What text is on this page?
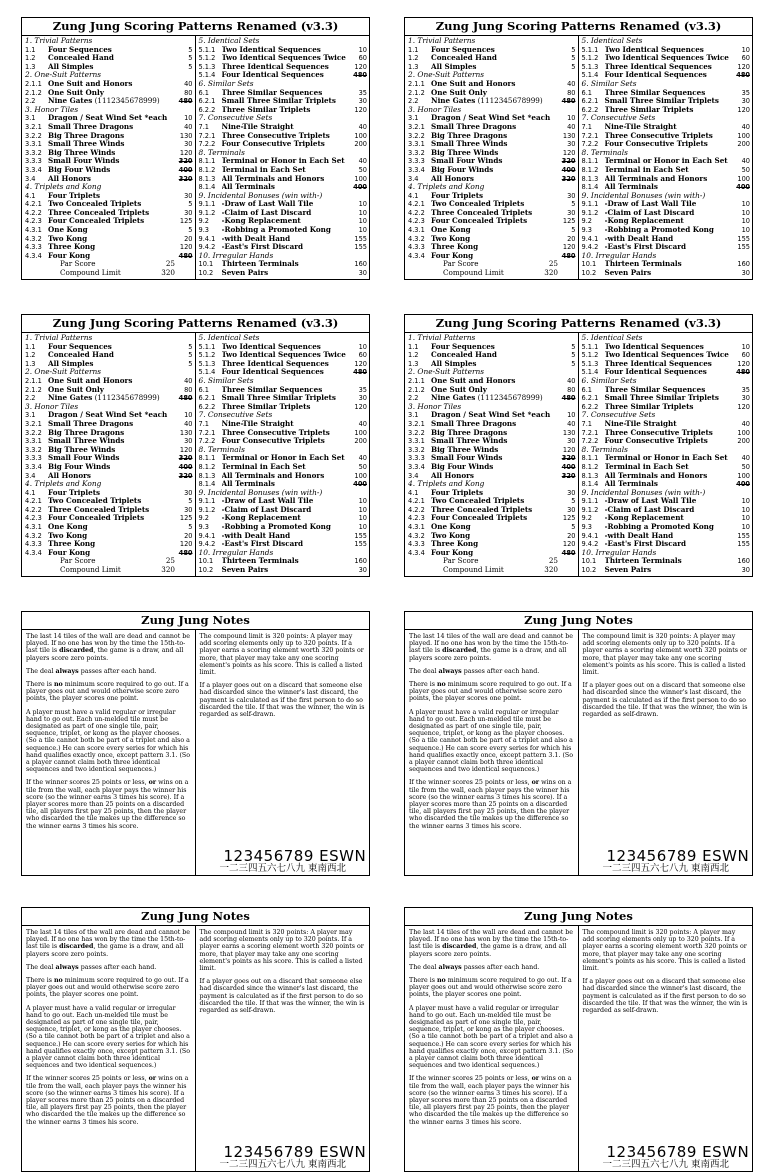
Zung Jung Scoring Patterns Renamed (v3.3)
1. Trivial Patterns
1.1	Four Sequences	5
1.2	Concealed Hand	5
1.3	All Simples	5
2. One-Suit Patterns
2.1.1 One Suit and Honors	40
2.1.2 One Suit Only	80
2.2	Nine Gates (1112345678999)	480
3. Honor Tiles
3.1	Dragon / Seat Wind Set *each	10
3.2.1 Small Three Dragons	40
3.2.2 Big Three Dragons	130
3.3.1 Small Three Winds	30
3.3.2 Big Three Winds	120
3.3.3 Small Four Winds	320
3.3.4 Big Four Winds	400
3.4	All Honors	320
4. Triplets and Kong
4.1	Four Triplets	30
4.2.1 Two Concealed Triplets	5
4.2.2 Three Concealed Triplets	30
4.2.3 Four Concealed Triplets	125
4.3.1 One Kong	5
4.3.2 Two Kong	20
4.3.3 Three Kong	120
4.3.4 Four Kong	480
Par Score	25
Compound Limit	320
5. Identical Sets
5.1.1 Two Identical Sequences	10
5.1.2 Two Identical Sequences Twice	60
5.1.3 Three Identical Sequences	120
5.1.4 Four Identical Sequences	480
6. Similar Sets
6.1	Three Similar Sequences	35
6.2.1 Small Three Similar Triplets	30
6.2.2 Three Similar Triplets	120
7. Consecutive Sets
7.1	Nine-Tile Straight	40
7.2.1 Three Consecutive Triplets	100
7.2.2 Four Consecutive Triplets	200
8. Terminals
8.1.1 Terminal or Honor in Each Set	40
8.1.2 Terminal in Each Set	50
8.1.3 All Terminals and Honors	100
8.1.4 All Terminals	400
9. Incidental Bonuses (win with-)
9.1.1 -Draw of Last Wall Tile	10
9.1.2 -Claim of Last Discard	10
9.2	-Kong Replacement	10
9.3	-Robbing a Promoted Kong	10
9.4.1 -with Dealt Hand	155
9.4.2 -East's First Discard	155
10. Irregular Hands
10.1	Thirteen Terminals	160
10.2	Seven Pairs	30
Zung Jung Scoring Patterns Renamed (v3.3)
1. Trivial Patterns
1.1	Four Sequences	5
1.2	Concealed Hand	5
1.3	All Simples	5
2. One-Suit Patterns
2.1.1 One Suit and Honors	40
2.1.2 One Suit Only	80
2.2	Nine Gates (1112345678999)	480
3. Honor Tiles
3.1	Dragon / Seat Wind Set *each	10
3.2.1 Small Three Dragons	40
3.2.2 Big Three Dragons	130
3.3.1 Small Three Winds	30
3.3.2 Big Three Winds	120
3.3.3 Small Four Winds	320
3.3.4 Big Four Winds	400
3.4	All Honors	320
4. Triplets and Kong
4.1	Four Triplets	30
4.2.1 Two Concealed Triplets	5
4.2.2 Three Concealed Triplets	30
4.2.3 Four Concealed Triplets	125
4.3.1 One Kong	5
4.3.2 Two Kong	20
4.3.3 Three Kong	120
4.3.4 Four Kong	480
Par Score	25
Compound Limit	320
5. Identical Sets
5.1.1 Two Identical Sequences	10
5.1.2 Two Identical Sequences Twice	60
5.1.3 Three Identical Sequences	120
5.1.4 Four Identical Sequences	480
6. Similar Sets
6.1	Three Similar Sequences	35
6.2.1 Small Three Similar Triplets	30
6.2.2 Three Similar Triplets	120
7. Consecutive Sets
7.1	Nine-Tile Straight	40
7.2.1 Three Consecutive Triplets	100
7.2.2 Four Consecutive Triplets	200
8. Terminals
8.1.1 Terminal or Honor in Each Set	40
8.1.2 Terminal in Each Set	50
8.1.3 All Terminals and Honors	100
8.1.4 All Terminals	400
9. Incidental Bonuses (win with-)
9.1.1 -Draw of Last Wall Tile	10
9.1.2 -Claim of Last Discard	10
9.2	-Kong Replacement	10
9.3	-Robbing a Promoted Kong	10
9.4.1 -with Dealt Hand	155
9.4.2 -East's First Discard	155
10. Irregular Hands
10.1	Thirteen Terminals	160
10.2	Seven Pairs	30
Zung Jung Scoring Patterns Renamed (v3.3)
1. Trivial Patterns
1.1	Four Sequences	5
1.2	Concealed Hand	5
1.3	All Simples	5
2. One-Suit Patterns
2.1.1 One Suit and Honors	40
2.1.2 One Suit Only	80
2.2	Nine Gates (1112345678999)	480
3. Honor Tiles
3.1	Dragon / Seat Wind Set *each	10
3.2.1 Small Three Dragons	40
3.2.2 Big Three Dragons	130
3.3.1 Small Three Winds	30
3.3.2 Big Three Winds	120
3.3.3 Small Four Winds	320
3.3.4 Big Four Winds	400
3.4	All Honors	320
4. Triplets and Kong
4.1	Four Triplets	30
4.2.1 Two Concealed Triplets	5
4.2.2 Three Concealed Triplets	30
4.2.3 Four Concealed Triplets	125
4.3.1 One Kong	5
4.3.2 Two Kong	20
4.3.3 Three Kong	120
4.3.4 Four Kong	480
Par Score	25
Compound Limit	320
5. Identical Sets
5.1.1 Two Identical Sequences	10
5.1.2 Two Identical Sequences Twice	60
5.1.3 Three Identical Sequences	120
5.1.4 Four Identical Sequences	480
6. Similar Sets
6.1	Three Similar Sequences	35
6.2.1 Small Three Similar Triplets	30
6.2.2 Three Similar Triplets	120
7. Consecutive Sets
7.1	Nine-Tile Straight	40
7.2.1 Three Consecutive Triplets	100
7.2.2 Four Consecutive Triplets	200
8. Terminals
8.1.1 Terminal or Honor in Each Set	40
8.1.2 Terminal in Each Set	50
8.1.3 All Terminals and Honors	100
8.1.4 All Terminals	400
9. Incidental Bonuses (win with-)
9.1.1 -Draw of Last Wall Tile	10
9.1.2 -Claim of Last Discard	10
9.2	-Kong Replacement	10
9.3	-Robbing a Promoted Kong	10
9.4.1 -with Dealt Hand	155
9.4.2 -East's First Discard	155
10. Irregular Hands
10.1	Thirteen Terminals	160
10.2	Seven Pairs	30
Zung Jung Scoring Patterns Renamed (v3.3)
1. Trivial Patterns
1.1	Four Sequences	5
1.2	Concealed Hand	5
1.3	All Simples	5
2. One-Suit Patterns
2.1.1 One Suit and Honors	40
2.1.2 One Suit Only	80
2.2	Nine Gates (1112345678999)	480
3. Honor Tiles
3.1	Dragon / Seat Wind Set *each	10
3.2.1 Small Three Dragons	40
3.2.2 Big Three Dragons	130
3.3.1 Small Three Winds	30
3.3.2 Big Three Winds	120
3.3.3 Small Four Winds	320
3.3.4 Big Four Winds	400
3.4	All Honors	320
4. Triplets and Kong
4.1	Four Triplets	30
4.2.1 Two Concealed Triplets	5
4.2.2 Three Concealed Triplets	30
4.2.3 Four Concealed Triplets	125
4.3.1 One Kong	5
4.3.2 Two Kong	20
4.3.3 Three Kong	120
4.3.4 Four Kong	480
Par Score	25
Compound Limit	320
5. Identical Sets
5.1.1 Two Identical Sequences	10
5.1.2 Two Identical Sequences Twice	60
5.1.3 Three Identical Sequences	120
5.1.4 Four Identical Sequences	480
6. Similar Sets
6.1	Three Similar Sequences	35
6.2.1 Small Three Similar Triplets	30
6.2.2 Three Similar Triplets	120
7. Consecutive Sets
7.1	Nine-Tile Straight	40
7.2.1 Three Consecutive Triplets	100
7.2.2 Four Consecutive Triplets	200
8. Terminals
8.1.1 Terminal or Honor in Each Set	40
8.1.2 Terminal in Each Set	50
8.1.3 All Terminals and Honors	100
8.1.4 All Terminals	400
9. Incidental Bonuses (win with-)
9.1.1 -Draw of Last Wall Tile	10
9.1.2 -Claim of Last Discard	10
9.2	-Kong Replacement	10
9.3	-Robbing a Promoted Kong	10
9.4.1 -with Dealt Hand	155
9.4.2 -East's First Discard	155
10. Irregular Hands
10.1	Thirteen Terminals	160
10.2	Seven Pairs	30
Zung Jung Notes

The last 14 tiles of the wall are dead and cannot be played. If no one has won by the time the 15th-to-last tile is discarded, the game is a draw, and all players score zero points.

The deal always passes after each hand.

There is no minimum score required to go out. If a player goes out and would otherwise score zero points, the player scores one point.

A player must have a valid regular or irregular hand to go out. Each un-melded tile must be designated as part of one single tile, pair, sequence, triplet, or kong as the player chooses. (So a tile cannot both be part of a triplet and also a sequence.) He can score every series for which his hand qualifies exactly once, except pattern 3.1. (So a player cannot claim both three identical sequences and two identical sequences.)

If the winner scores 25 points or less, or wins on a tile from the wall, each player pays the winner his score (so the winner earns 3 times his score). If a player scores more than 25 points on a discarded tile, all players first pay 25 points, then the player who discarded the tile makes up the difference so the winner earns 3 times his score.

The compound limit is 320 points: A player may add scoring elements only up to 320 points. If a player earns a scoring element worth 320 points or more, that player may take any one scoring element's points as his score. This is called a listed limit.

If a player goes out on a discard that someone else had discarded since the winner's last discard, the payment is calculated as if the first person to do so discarded the tile. If that was the winner, the win is regarded as self-drawn.

123456789 ESWN
一二三四五六七八九 東南西北
Zung Jung Notes

The last 14 tiles of the wall are dead and cannot be played. If no one has won by the time the 15th-to-last tile is discarded, the game is a draw, and all players score zero points.

The deal always passes after each hand.

There is no minimum score required to go out. If a player goes out and would otherwise score zero points, the player scores one point.

A player must have a valid regular or irregular hand to go out. Each un-melded tile must be designated as part of one single tile, pair, sequence, triplet, or kong as the player chooses. (So a tile cannot both be part of a triplet and also a sequence.) He can score every series for which his hand qualifies exactly once, except pattern 3.1. (So a player cannot claim both three identical sequences and two identical sequences.)

If the winner scores 25 points or less, or wins on a tile from the wall, each player pays the winner his score (so the winner earns 3 times his score). If a player scores more than 25 points on a discarded tile, all players first pay 25 points, then the player who discarded the tile makes up the difference so the winner earns 3 times his score.

The compound limit is 320 points: A player may add scoring elements only up to 320 points. If a player earns a scoring element worth 320 points or more, that player may take any one scoring element's points as his score. This is called a listed limit.

If a player goes out on a discard that someone else had discarded since the winner's last discard, the payment is calculated as if the first person to do so discarded the tile. If that was the winner, the win is regarded as self-drawn.

123456789 ESWN
一二三四五六七八九 東南西北
Zung Jung Notes

The last 14 tiles of the wall are dead and cannot be played. If no one has won by the time the 15th-to-last tile is discarded, the game is a draw, and all players score zero points.

The deal always passes after each hand.

There is no minimum score required to go out. If a player goes out and would otherwise score zero points, the player scores one point.

A player must have a valid regular or irregular hand to go out. Each un-melded tile must be designated as part of one single tile, pair, sequence, triplet, or kong as the player chooses. (So a tile cannot both be part of a triplet and also a sequence.) He can score every series for which his hand qualifies exactly once, except pattern 3.1. (So a player cannot claim both three identical sequences and two identical sequences.)

If the winner scores 25 points or less, or wins on a tile from the wall, each player pays the winner his score (so the winner earns 3 times his score). If a player scores more than 25 points on a discarded tile, all players first pay 25 points, then the player who discarded the tile makes up the difference so the winner earns 3 times his score.

The compound limit is 320 points: A player may add scoring elements only up to 320 points. If a player earns a scoring element worth 320 points or more, that player may take any one scoring element's points as his score. This is called a listed limit.

If a player goes out on a discard that someone else had discarded since the winner's last discard, the payment is calculated as if the first person to do so discarded the tile. If that was the winner, the win is regarded as self-drawn.

123456789 ESWN
一二三四五六七八九 東南西北
Zung Jung Notes

The last 14 tiles of the wall are dead and cannot be played. If no one has won by the time the 15th-to-last tile is discarded, the game is a draw, and all players score zero points.

The deal always passes after each hand.

There is no minimum score required to go out. If a player goes out and would otherwise score zero points, the player scores one point.

A player must have a valid regular or irregular hand to go out. Each un-melded tile must be designated as part of one single tile, pair, sequence, triplet, or kong as the player chooses. (So a tile cannot both be part of a triplet and also a sequence.) He can score every series for which his hand qualifies exactly once, except pattern 3.1. (So a player cannot claim both three identical sequences and two identical sequences.)

If the winner scores 25 points or less, or wins on a tile from the wall, each player pays the winner his score (so the winner earns 3 times his score). If a player scores more than 25 points on a discarded tile, all players first pay 25 points, then the player who discarded the tile makes up the difference so the winner earns 3 times his score.

The compound limit is 320 points: A player may add scoring elements only up to 320 points. If a player earns a scoring element worth 320 points or more, that player may take any one scoring element's points as his score. This is called a listed limit.

If a player goes out on a discard that someone else had discarded since the winner's last discard, the payment is calculated as if the first person to do so discarded the tile. If that was the winner, the win is regarded as self-drawn.

123456789 ESWN
一二三四五六七八九 東南西北
